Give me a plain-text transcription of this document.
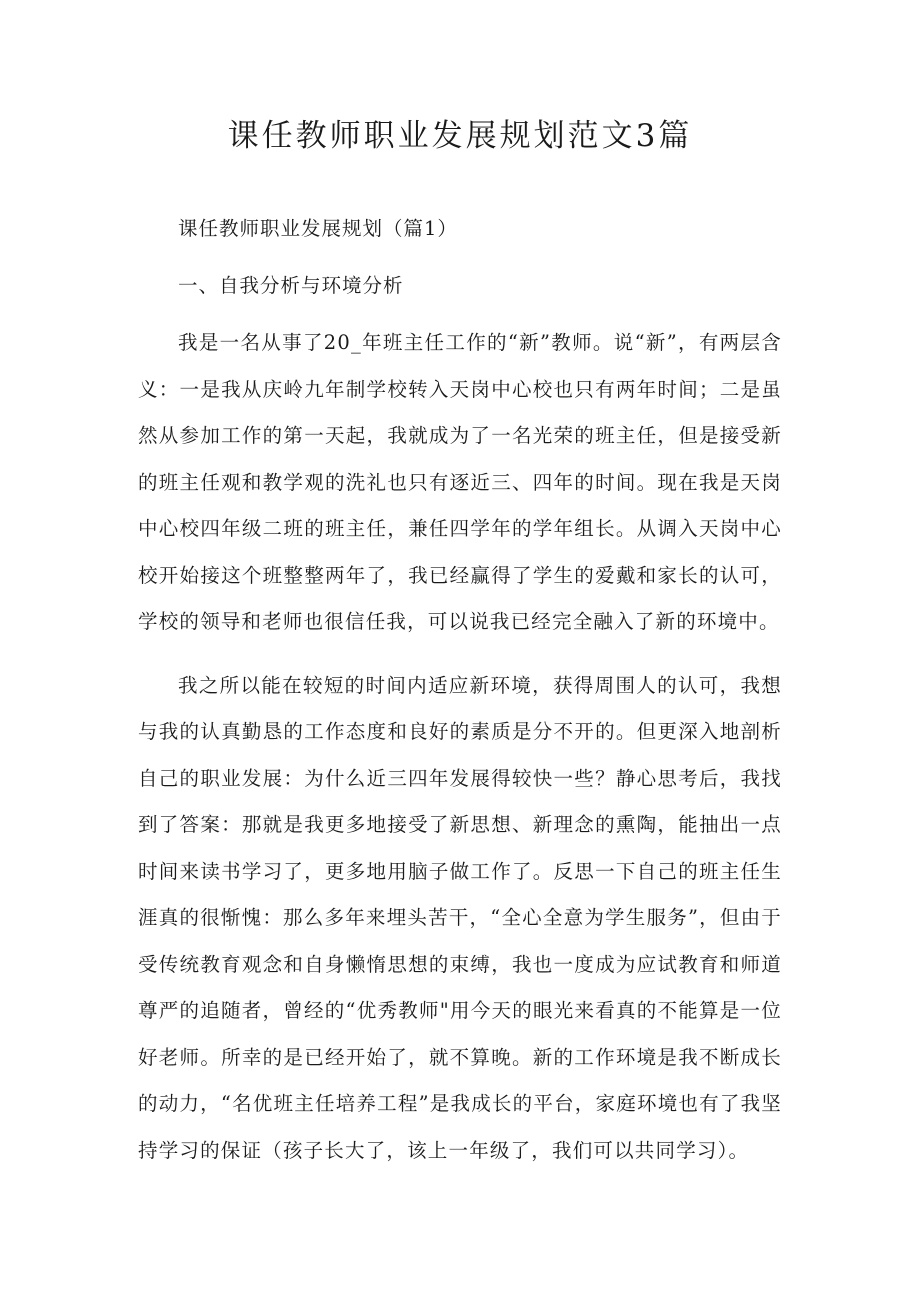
课任教师职业发展规划范文3篇

课任教师职业发展规划（篇1）

一、自我分析与环境分析

我是一名从事了20_年班主任工作的“新”教师。说“新”，有两层含义：一是我从庆岭九年制学校转入天岗中心校也只有两年时间；二是虽然从参加工作的第一天起，我就成为了一名光荣的班主任，但是接受新的班主任观和教学观的洗礼也只有逐近三、四年的时间。现在我是天岗中心校四年级二班的班主任，兼任四学年的学年组长。从调入天岗中心校开始接这个班整整两年了，我已经赢得了学生的爱戴和家长的认可，学校的领导和老师也很信任我，可以说我已经完全融入了新的环境中。

我之所以能在较短的时间内适应新环境，获得周围人的认可，我想与我的认真勤恳的工作态度和良好的素质是分不开的。但更深入地剖析自己的职业发展：为什么近三四年发展得较快一些？静心思考后，我找到了答案：那就是我更多地接受了新思想、新理念的熏陶，能抽出一点时间来读书学习了，更多地用脑子做工作了。反思一下自己的班主任生涯真的很惭愧：那么多年来埋头苦干，“全心全意为学生服务”，但由于受传统教育观念和自身懒惰思想的束缚，我也一度成为应试教育和师道尊严的追随者，曾经的“优秀教师"用今天的眼光来看真的不能算是一位好老师。所幸的是已经开始了，就不算晚。新的工作环境是我不断成长的动力，“名优班主任培养工程”是我成长的平台，家庭环境也有了我坚持学习的保证（孩子长大了，该上一年级了，我们可以共同学习）。
